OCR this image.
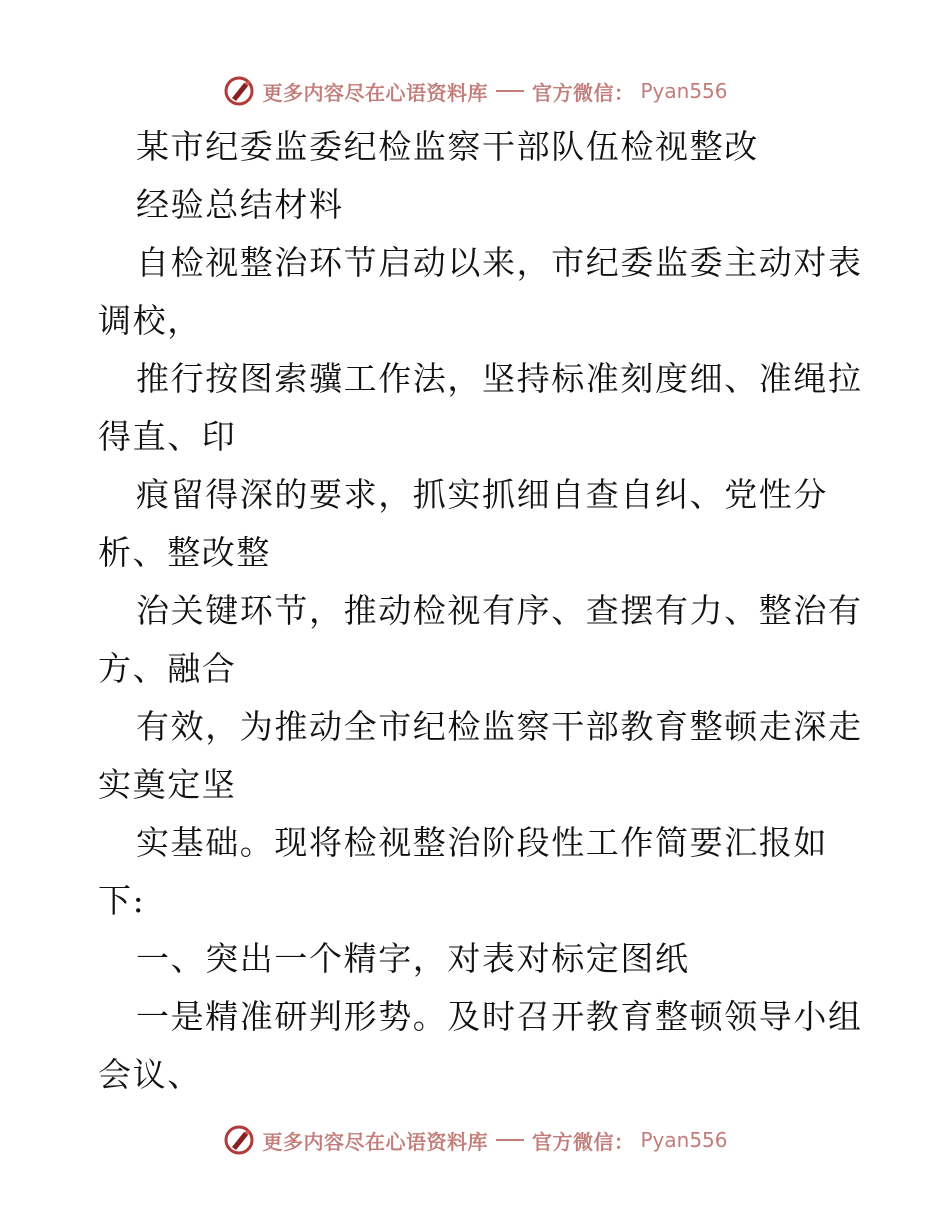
更多内容尽在心语资料库 官方微信： Pyan556
某市纪委监委纪检监察干部队伍检视整改
经验总结材料
自检视整治环节启动以来，市纪委监委主动对表
调校，
推行按图索骥工作法，坚持标准刻度细、准绳拉
得直、印
痕留得深的要求，抓实抓细自查自纠、党性分
析、整改整
治关键环节，推动检视有序、查摆有力、整治有
方、融合
有效，为推动全市纪检监察干部教育整顿走深走
实奠定坚
实基础。现将检视整治阶段性工作简要汇报如
下:
一、突出一个精字，对表对标定图纸
一是精准研判形势。及时召开教育整顿领导小组
会议、
更多内容尽在心语资料库 官方微信： Pyan556
